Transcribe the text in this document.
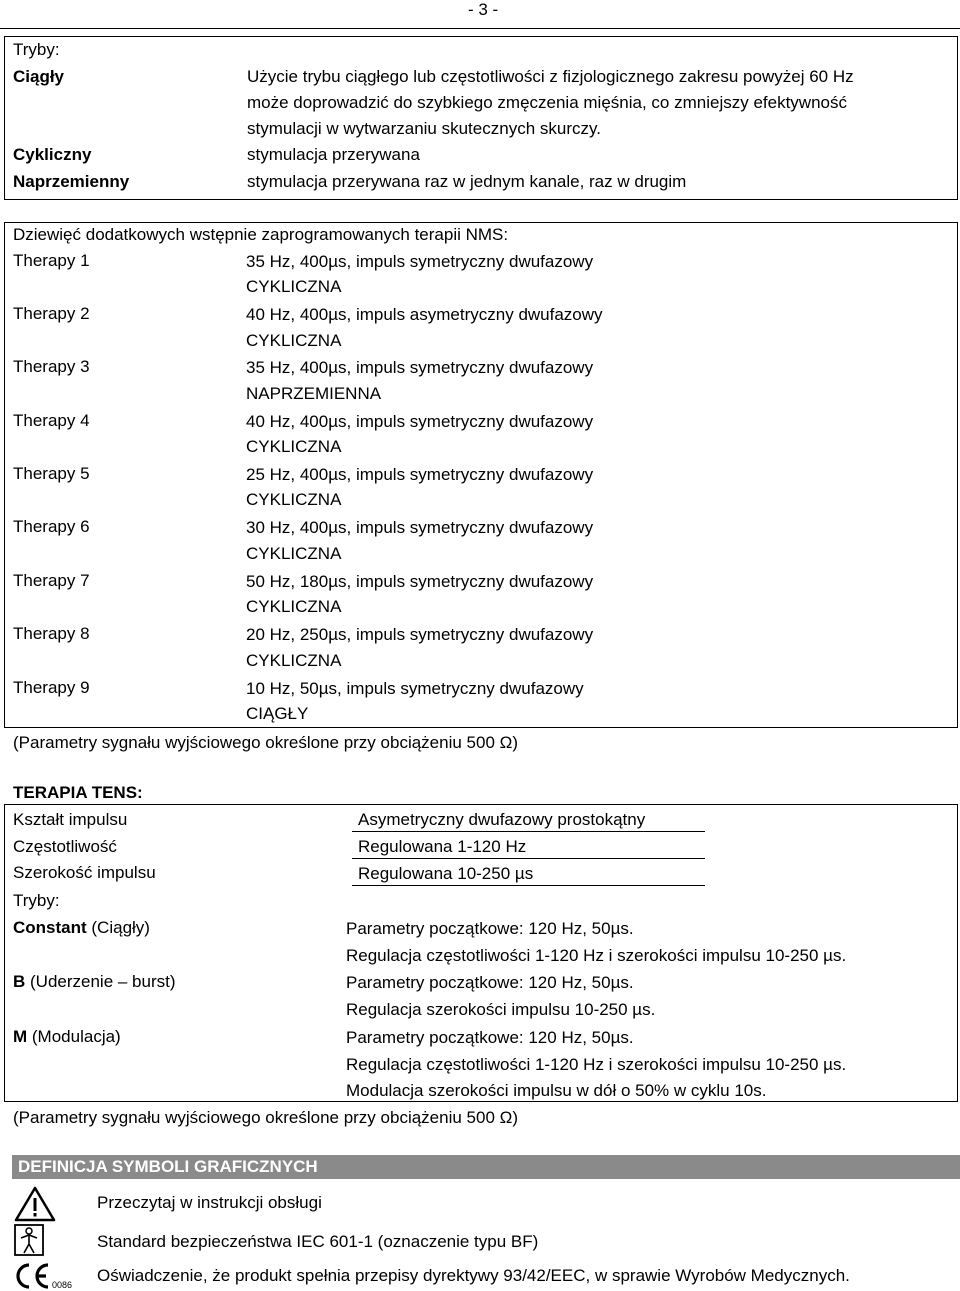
- 3 -
Tryby:
Ciągły	Użycie trybu ciągłego lub częstotliwości z fizjologicznego zakresu powyżej 60 Hz
może doprowadzić do szybkiego zmęczenia mięśnia, co zmniejszy efektywność
stymulacji w wytwarzaniu skutecznych skurczy.
Cykliczny	stymulacja przerywana
Naprzemienny	stymulacja przerywana raz w jednym kanale, raz w drugim
Dziewięć dodatkowych wstępnie zaprogramowanych terapii NMS:
Therapy 1	35 Hz, 400µs, impuls symetryczny dwufazowy
CYKLICZNA
Therapy 2	40 Hz, 400µs, impuls asymetryczny dwufazowy
CYKLICZNA
Therapy 3	35 Hz, 400µs, impuls symetryczny dwufazowy
NAPRZEMIENNA
Therapy 4	40 Hz, 400µs, impuls symetryczny dwufazowy
CYKLICZNA
Therapy 5	25 Hz, 400µs, impuls symetryczny dwufazowy
CYKLICZNA
Therapy 6	30 Hz, 400µs, impuls symetryczny dwufazowy
CYKLICZNA
Therapy 7	50 Hz, 180µs, impuls symetryczny dwufazowy
CYKLICZNA
Therapy 8	20 Hz, 250µs, impuls symetryczny dwufazowy
CYKLICZNA
Therapy 9	10 Hz, 50µs, impuls symetryczny dwufazowy
CIĄGŁY
(Parametry sygnału wyjściowego określone przy obciążeniu 500 Ω)
TERAPIA TENS:
Kształt impulsu	Asymetryczny dwufazowy prostokątny
Częstotliwość	Regulowana 1-120 Hz
Szerokość impulsu	Regulowana 10-250 µs
Tryby:
Constant (Ciągły)	Parametry początkowe: 120 Hz, 50µs.
Regulacja częstotliwości 1-120 Hz i szerokości impulsu 10-250 µs.
B (Uderzenie – burst)	Parametry początkowe: 120 Hz, 50µs.
Regulacja szerokości impulsu 10-250 µs.
M (Modulacja)	Parametry początkowe: 120 Hz, 50µs.
Regulacja częstotliwości 1-120 Hz i szerokości impulsu 10-250 µs.
Modulacja szerokości impulsu w dół o 50% w cyklu 10s.
(Parametry sygnału wyjściowego określone przy obciążeniu 500 Ω)
DEFINICJA SYMBOLI GRAFICZNYCH
Przeczytaj w instrukcji obsługi
Standard bezpieczeństwa IEC 601-1 (oznaczenie typu BF)
0086 Oświadczenie, że produkt spełnia przepisy dyrektywy 93/42/EEC, w sprawie Wyrobów Medycznych.
